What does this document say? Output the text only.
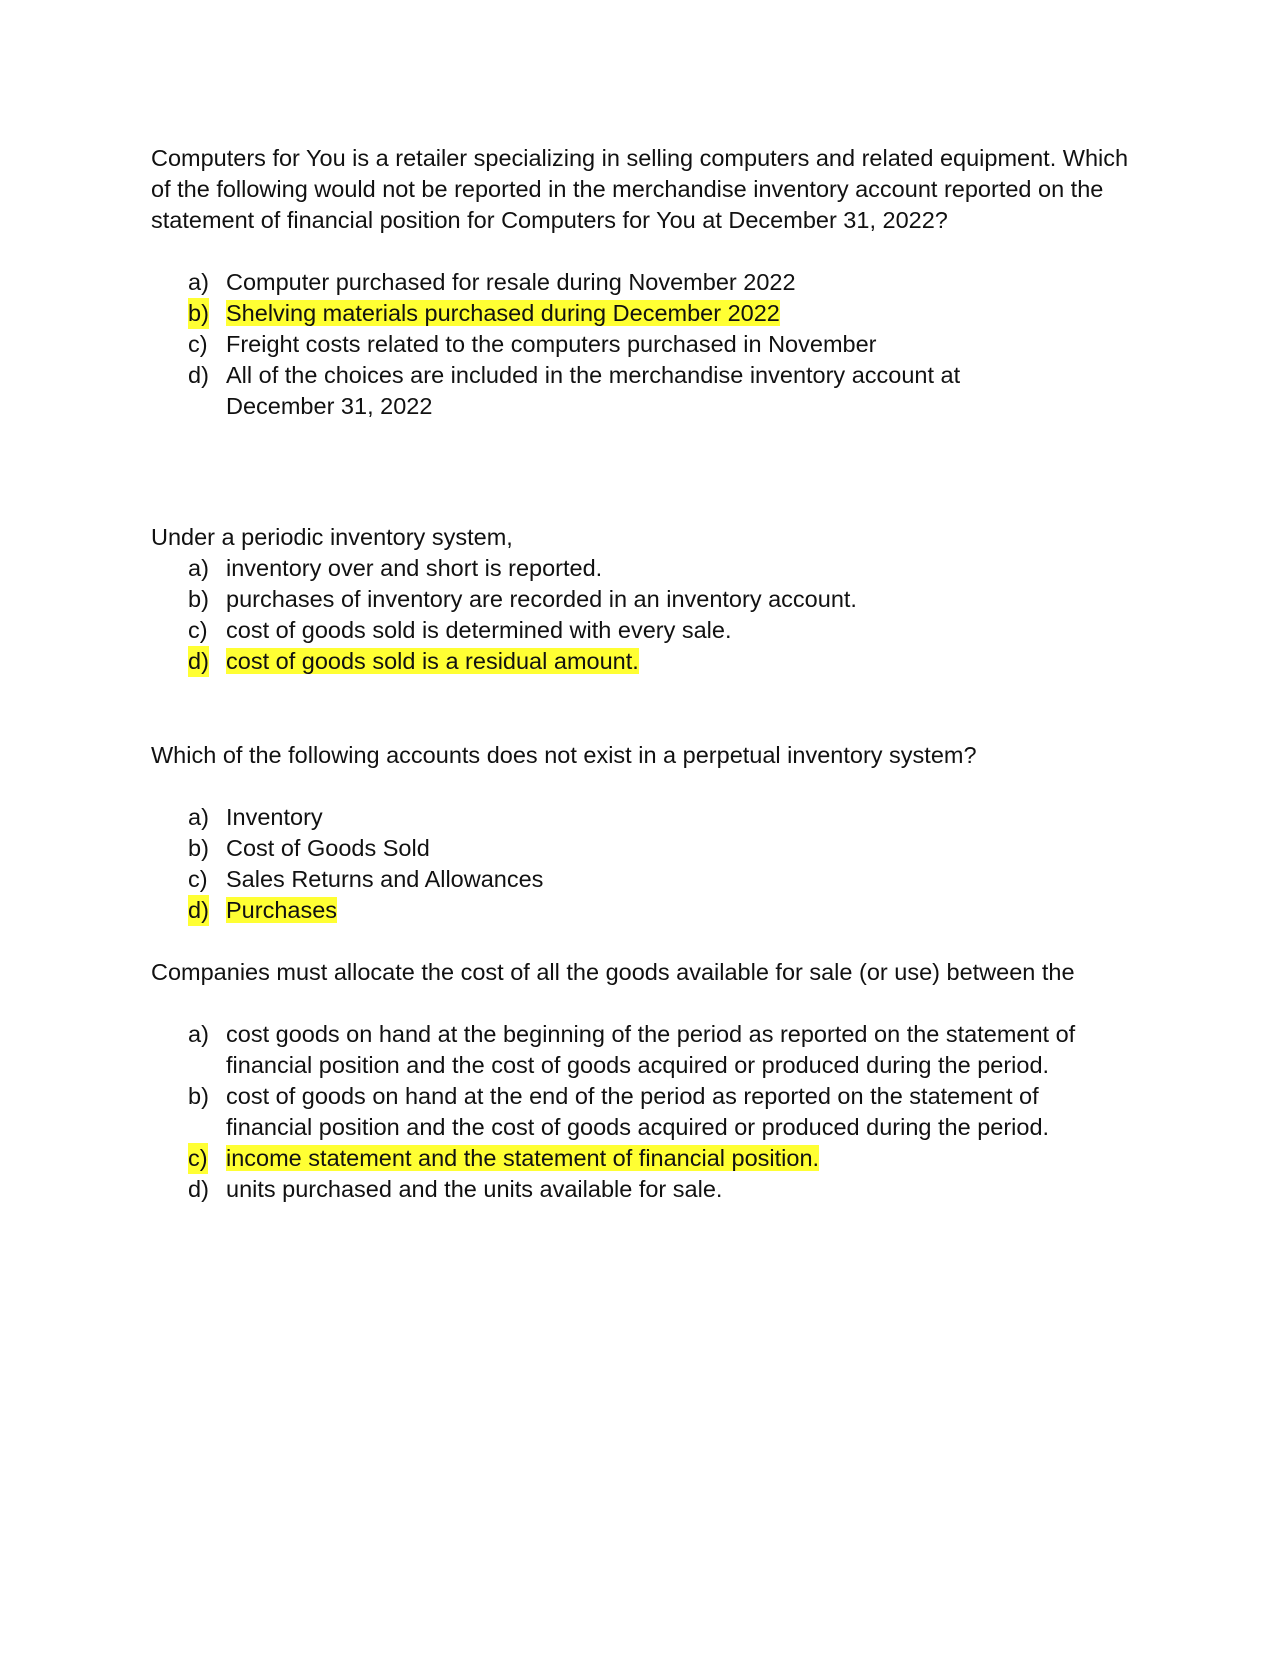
Computers for You is a retailer specializing in selling computers and related equipment. Which of the following would not be reported in the merchandise inventory account reported on the statement of financial position for Computers for You at December 31, 2022?

a) Computer purchased for resale during November 2022
b) Shelving materials purchased during December 2022
c) Freight costs related to the computers purchased in November
d) All of the choices are included in the merchandise inventory account at December 31, 2022

Under a periodic inventory system,

a) inventory over and short is reported.
b) purchases of inventory are recorded in an inventory account.
c) cost of goods sold is determined with every sale.
d) cost of goods sold is a residual amount.

Which of the following accounts does not exist in a perpetual inventory system?

a) Inventory
b) Cost of Goods Sold
c) Sales Returns and Allowances
d) Purchases

Companies must allocate the cost of all the goods available for sale (or use) between the

a) cost goods on hand at the beginning of the period as reported on the statement of financial position and the cost of goods acquired or produced during the period.
b) cost of goods on hand at the end of the period as reported on the statement of financial position and the cost of goods acquired or produced during the period.
c) income statement and the statement of financial position.
d) units purchased and the units available for sale.
